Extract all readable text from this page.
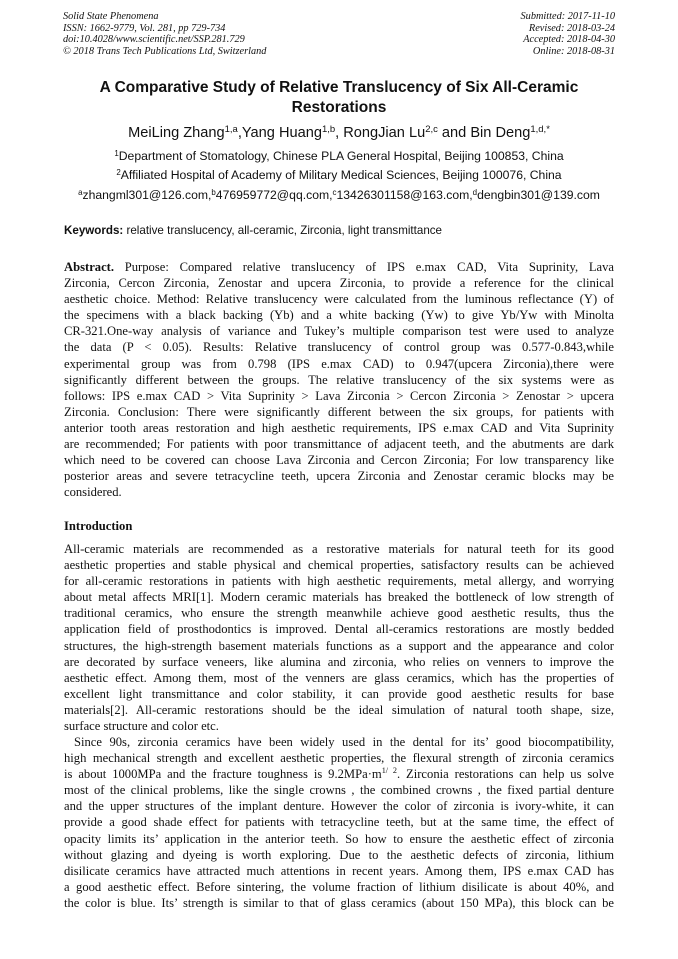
Solid State Phenomena
ISSN: 1662-9779, Vol. 281, pp 729-734
doi:10.4028/www.scientific.net/SSP.281.729
© 2018 Trans Tech Publications Ltd, Switzerland
Submitted: 2017-11-10
Revised: 2018-03-24
Accepted: 2018-04-30
Online: 2018-08-31
A Comparative Study of Relative Translucency of Six All-Ceramic
Restorations
MeiLing Zhang$^{1,a}$,Yang Huang$^{1,b}$, RongJian Lu$^{2,c}$ and Bin Deng$^{1,d,*}$
$^1$Department of Stomatology, Chinese PLA General Hospital, Beijing 100853, China
$^2$Affiliated Hospital of Academy of Military Medical Sciences, Beijing 100076, China
$^a$zhangml301@126.com,$^b$476959772@qq.com,$^c$13426301158@163.com,$^d$dengbin301@139.com
Keywords: relative translucency, all-ceramic, Zirconia, light transmittance
Abstract. Purpose: Compared relative translucency of IPS e.max CAD, Vita Suprinity, Lava
Zirconia, Cercon Zirconia, Zenostar and upcera Zirconia, to provide a reference for the clinical
aesthetic choice. Method: Relative translucency were calculated from the luminous reflectance (Y) of
the specimens with a black backing (Yb) and a white backing (Yw) to give Yb/Yw with Minolta
CR-321.One-way analysis of variance and Tukey’s multiple comparison test were used to analyze
the data (P < 0.05). Results: Relative translucency of control group was 0.577-0.843,while
experimental group was from 0.798 (IPS e.max CAD) to 0.947(upcera Zirconia),there were
significantly different between the groups. The relative translucency of the six systems were as
follows: IPS e.max CAD > Vita Suprinity > Lava Zirconia > Cercon Zirconia > Zenostar > upcera
Zirconia. Conclusion: There were significantly different between the six groups, for patients with
anterior tooth areas restoration and high aesthetic requirements, IPS e.max CAD and Vita Suprinity
are recommended; For patients with poor transmittance of adjacent teeth, and the abutments are dark
which need to be covered can choose Lava Zirconia and Cercon Zirconia; For low transparency like
posterior areas and severe tetracycline teeth, upcera Zirconia and Zenostar ceramic blocks may be
considered.
Introduction
All-ceramic materials are recommended as a restorative materials for natural teeth for its good
aesthetic properties and stable physical and chemical properties, satisfactory results can be achieved
for all-ceramic restorations in patients with high aesthetic requirements, metal allergy, and worrying
about metal affects MRI[1]. Modern ceramic materials has breaked the bottleneck of low strength of
traditional ceramics, who ensure the strength meanwhile achieve good aesthetic results, thus the
application field of prosthodontics is improved. Dental all-ceramics restorations are mostly bedded
structures, the high-strength basement materials functions as a support and the appearance and color
are decorated by surface veneers, like alumina and zirconia, who relies on venners to improve the
aesthetic effect. Among them, most of the venners are glass ceramics, which has the properties of
excellent light transmittance and color stability, it can provide good aesthetic results for base
materials[2]. All-ceramic restorations should be the ideal simulation of natural tooth shape, size,
surface structure and color etc.
Since 90s, zirconia ceramics have been widely used in the dental for its’ good biocompatibility,
high mechanical strength and excellent aesthetic properties, the flexural strength of zirconia ceramics
is about 1000MPa and the fracture toughness is $9.2MPa\cdot m^{1/ 2}$. Zirconia restorations can help us solve
most of the clinical problems, like the single crowns , the combined crowns , the fixed partial denture
and the upper structures of the implant denture. However the color of zirconia is ivory-white, it can
provide a good shade effect for patients with tetracycline teeth, but at the same time, the effect of
opacity limits its’ application in the anterior teeth. So how to ensure the aesthetic effect of zirconia
without glazing and dyeing is worth exploring. Due to the aesthetic defects of zirconia, lithium
disilicate ceramics have attracted much attentions in recent years. Among them, IPS e.max CAD has
a good aesthetic effect. Before sintering, the volume fraction of lithium disilicate is about 40%, and
the color is blue. Its’ strength is similar to that of glass ceramics (about 150 MPa), this block can be
